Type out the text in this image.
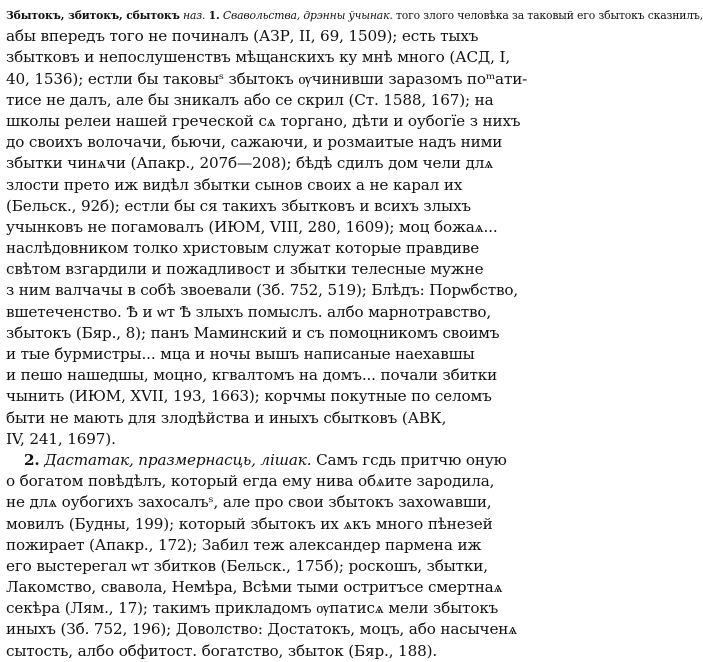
Збытокъ, збитокъ, сбытокъ наз. 1. Свавольства, дрэнны ўчынак. того злого человѣка за таковый его збытокъ сказнилъ,
абы впередъ того не починалъ (АЗР, II, 69, 1509); есть тыхъ
збытковъ и непослушенствъ мѣщанскихъ ку мнѣ много (АСД, I,
40, 1536); естли бы таковыˢ збытокъ ѹчинивши заразомъ поᵐати-
тисе не далъ, але бы зникалъ або се скрил (Ст. 1588, 167); на
школы релеи нашей греческой сѧ торгано, дѣти и оубогїе з нихъ
до своихъ волочачи, бьючи, сажаючи, и розмаитые надъ ними
збытки чинѧчи (Апакр., 207б—208); бѣдѣ сдилъ дом чели длѧ
злости прето иж видѣл збытки сынов своих а не карал их
(Бельск., 92б); естли бы ся такихъ збытковъ и всихъ злыхъ
учынковъ не погамовалъ (ИЮМ, VIII, 280, 1609); моц божаѧ...
наслѣдовником толко христовым служат которые правдиве
свѣтом взгардили и пожадливост и збытки телесные мужне
з ним валчачы в собѣ звоевали (Зб. 752, 519); Блѣдъ: Порѡбство,
вшетеченство. Ѣ и ѡт Ѣ злыхъ помыслъ. албо марнотравство,
збытокъ (Бяр., 8); панъ Маминский и съ помоцникомъ своимъ
и тые бурмистры... мца и ночы вышъ написаные наехавшы
и пешо нашедшы, моцно, кгвалтомъ на домъ... почали збитки
чынить (ИЮМ, XVII, 193, 1663); корчмы покутные по селомъ
быти не мають для злодѣйства и иныхъ сбытковъ (АВК,
IV, 241, 1697).
2. Дастатак, празмернасць, лішак. Самъ гсдь притчю оную
о богатом повѣдѣлъ, который егда ему нива обѧите зародила,
не длѧ оубогихъ захоcалъˢ, але про свои збытокъ захowавши,
мовилъ (Будны, 199); который збытокъ их ѧкъ много пѣнезей
пожирает (Апакр., 172); Забил теж александер пармена иж
его выстерегал ѡт збитков (Бельск., 175б); роскошъ, збытки,
Лакомство, свавола, Немѣра, Всѣми тыми остритъсе смертнаѧ
секѣра (Лям., 17); такимъ прикладомъ ѹпатисѧ мели збытокъ
иныхъ (Зб. 752, 196); Доволство: Достатокъ, моцъ, або насыченѧ
сытость, албо обфитост. богатство, збыток (Бяр., 188).
